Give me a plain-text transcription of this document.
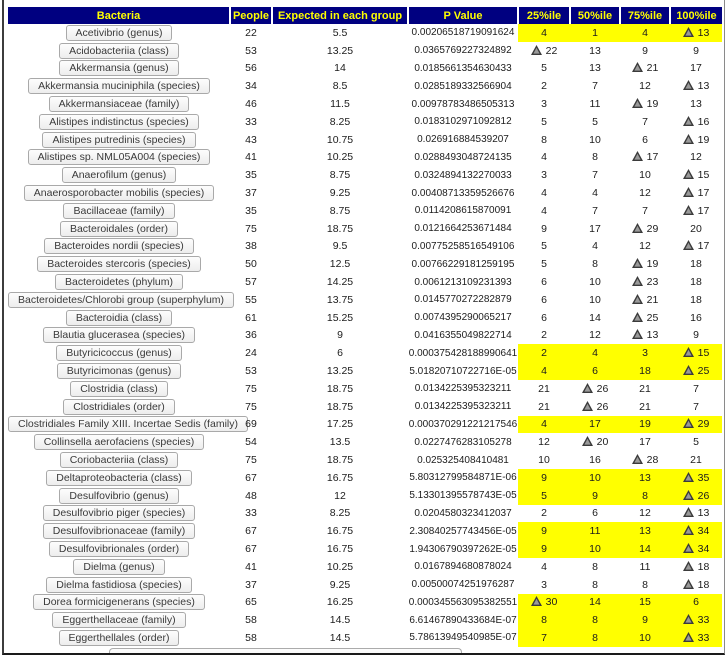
Bacteria	People	Expected in each group	P Value	25%ile	50%ile	75%ile	100%ile
Acetivibrio (genus)	22	5.5	0.00206518719091624	4	1	4	13
Acidobacteriia (class)	53	13.25	0.0365769227324892	22	13	9	9
Akkermansia (genus)	56	14	0.0185661354630433	5	13	21	17
Akkermansia muciniphila (species)	34	8.5	0.0285189332566904	2	7	12	13
Akkermansiaceae (family)	46	11.5	0.00978783486505313	3	11	19	13
Alistipes indistinctus (species)	33	8.25	0.0183102971092812	5	5	7	16
Alistipes putredinis (species)	43	10.75	0.026916884539207	8	10	6	19
Alistipes sp. NML05A004 (species)	41	10.25	0.0288493048724135	4	8	17	12
Anaerofilum (genus)	35	8.75	0.0324894132270033	3	7	10	15
Anaerosporobacter mobilis (species)	37	9.25	0.00408713359526676	4	4	12	17
Bacillaceae (family)	35	8.75	0.0114208615870091	4	7	7	17
Bacteroidales (order)	75	18.75	0.0121664253671484	9	17	29	20
Bacteroides nordii (species)	38	9.5	0.00775258516549106	5	4	12	17
Bacteroides stercoris (species)	50	12.5	0.00766229181259195	5	8	19	18
Bacteroidetes (phylum)	57	14.25	0.0061213109231393	6	10	23	18
Bacteroidetes/Chlorobi group (superphylum)	55	13.75	0.0145770272282879	6	10	21	18
Bacteroidia (class)	61	15.25	0.0074395290065217	6	14	25	16
Blautia glucerasea (species)	36	9	0.0416355049822714	2	12	13	9
Butyricicoccus (genus)	24	6	0.000375428188990641	2	4	3	15
Butyricimonas (genus)	53	13.25	5.01820710722716E-05	4	6	18	25
Clostridia (class)	75	18.75	0.0134225395323211	21	26	21	7
Clostridiales (order)	75	18.75	0.0134225395323211	21	26	21	7
Clostridiales Family XIII. Incertae Sedis (family)	69	17.25	0.000370291221217546	4	17	19	29
Collinsella aerofaciens (species)	54	13.5	0.0227476283105278	12	20	17	5
Coriobacteriia (class)	75	18.75	0.025325408410481	10	16	28	21
Deltaproteobacteria (class)	67	16.75	5.80312799584871E-06	9	10	13	35
Desulfovibrio (genus)	48	12	5.13301395578743E-05	5	9	8	26
Desulfovibrio piger (species)	33	8.25	0.0204580323412037	2	6	12	13
Desulfovibrionaceae (family)	67	16.75	2.30840257743456E-05	9	11	13	34
Desulfovibrionales (order)	67	16.75	1.94306790397262E-05	9	10	14	34
Dielma (genus)	41	10.25	0.0167894680878024	4	8	11	18
Dielma fastidiosa (species)	37	9.25	0.00500074251976287	3	8	8	18
Dorea formicigenerans (species)	65	16.25	0.000345563095382551	30	14	15	6
Eggerthellaceae (family)	58	14.5	6.61467890433684E-07	8	8	9	33
Eggerthellales (order)	58	14.5	5.78613949540985E-07	7	8	10	33
